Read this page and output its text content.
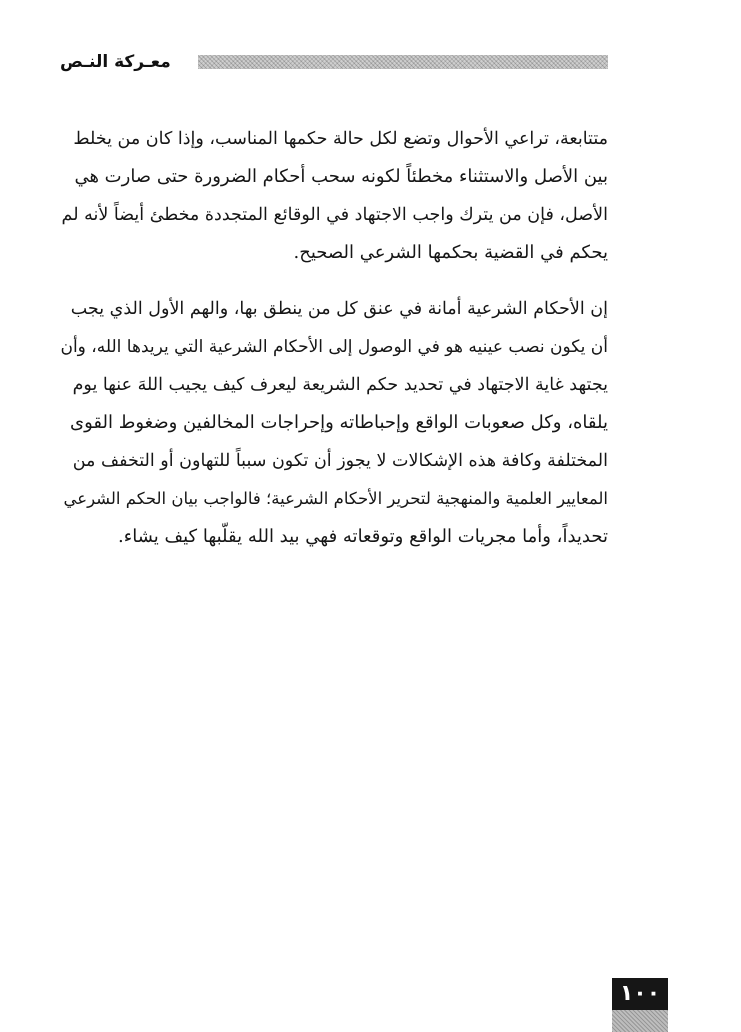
معـركة النـص

متتابعة، تراعي الأحوال وتضع لكل حالة حكمها المناسب، وإذا كان من يخلط
بين الأصل والاستثناء مخطئاً لكونه سحب أحكام الضرورة حتى صارت هي
الأصل، فإن من يترك واجب الاجتهاد في الوقائع المتجددة مخطئ أيضاً لأنه لم
يحكم في القضية بحكمها الشرعي الصحيح.

إن الأحكام الشرعية أمانة في عنق كل من ينطق بها، والهم الأول الذي يجب
أن يكون نصب عينيه هو في الوصول إلى الأحكام الشرعية التي يريدها الله، وأن
يجتهد غاية الاجتهاد في تحديد حكم الشريعة ليعرف كيف يجيب اللهَ عنها يوم
يلقاه، وكل صعوبات الواقع وإحباطاته وإحراجات المخالفين وضغوط القوى
المختلفة وكافة هذه الإشكالات لا يجوز أن تكون سبباً للتهاون أو التخفف من
المعايير العلمية والمنهجية لتحرير الأحكام الشرعية؛ فالواجب بيان الحكم الشرعي
تحديداً، وأما مجريات الواقع وتوقعاته فهي بيد الله يقلّبها كيف يشاء.

١٠٠
